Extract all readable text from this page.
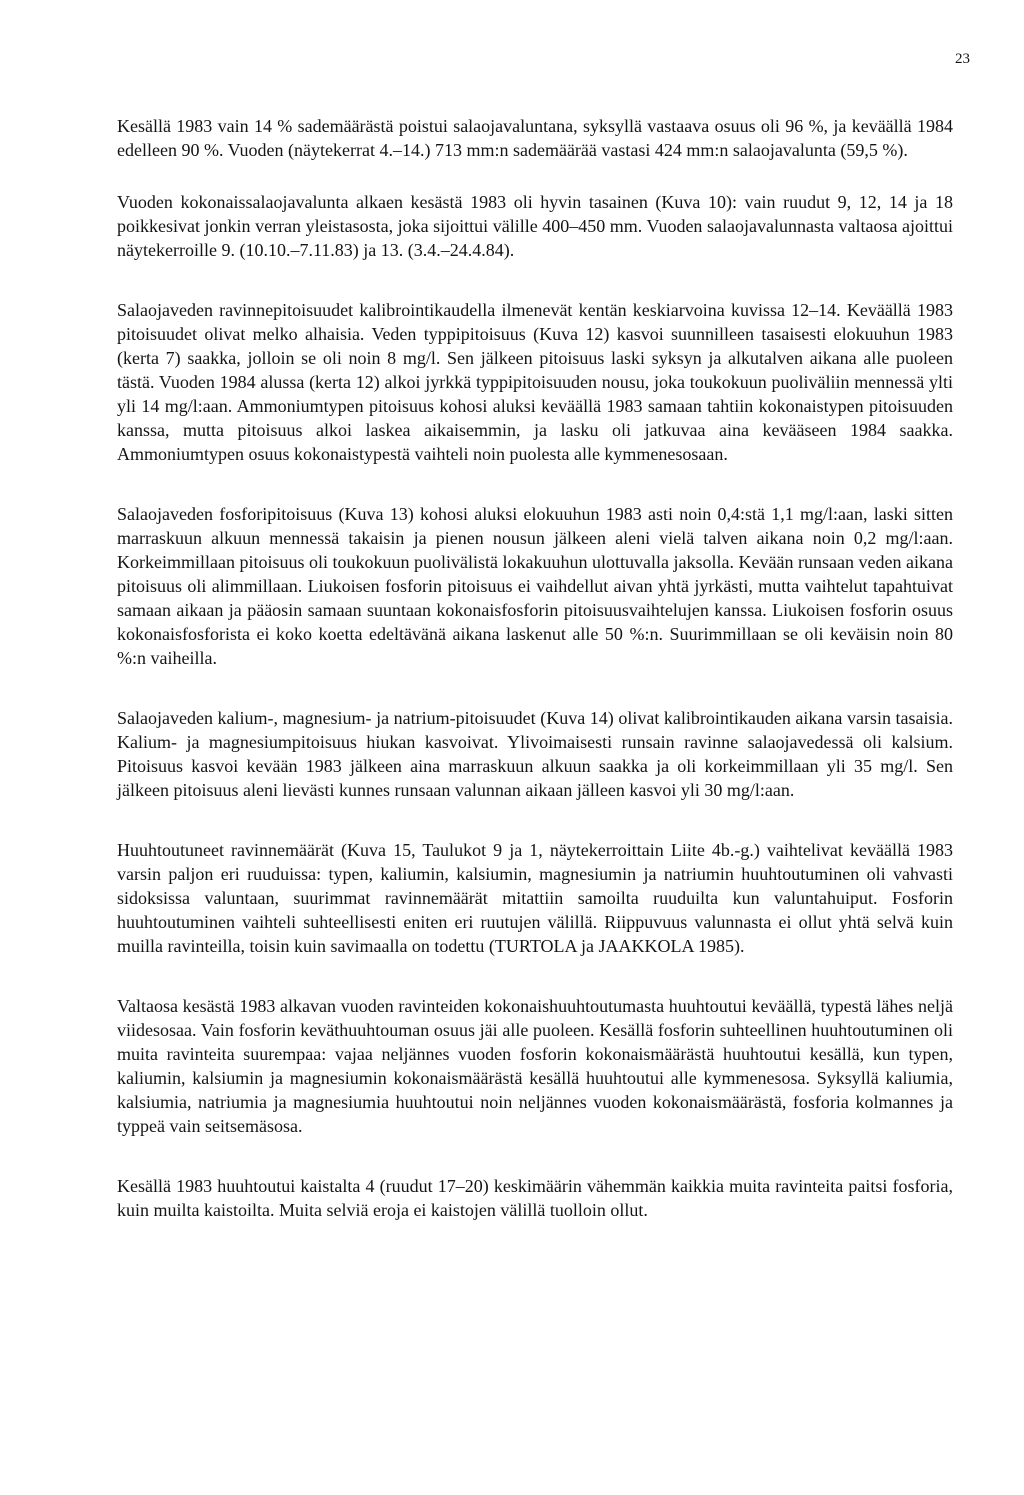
23

Kesällä 1983 vain 14 % sademäärästä poistui salaojavaluntana, syksyllä vastaava osuus oli 96 %, ja keväällä 1984 edelleen 90 %. Vuoden (näytekerrat 4.–14.) 713 mm:n sademäärää vastasi 424 mm:n salaojavalunta (59,5 %).

Vuoden kokonaissalaojavalunta alkaen kesästä 1983 oli hyvin tasainen (Kuva 10): vain ruudut 9, 12, 14 ja 18 poikkesivat jonkin verran yleistasosta, joka sijoittui välille 400–450 mm. Vuoden salaojavalunnasta valtaosa ajoittui näytekerroille 9. (10.10.–7.11.83) ja 13. (3.4.–24.4.84).

Salaojaveden ravinnepitoisuudet kalibrointikaudella ilmenevät kentän keskiarvoina kuvissa 12–14. Keväällä 1983 pitoisuudet olivat melko alhaisia. Veden typpipitoisuus (Kuva 12) kasvoi suunnilleen tasaisesti elokuuhun 1983 (kerta 7) saakka, jolloin se oli noin 8 mg/l. Sen jälkeen pitoisuus laski syksyn ja alkutalven aikana alle puoleen tästä. Vuoden 1984 alussa (kerta 12) alkoi jyrkkä typpipitoisuuden nousu, joka toukokuun puoliväliin mennessä ylti yli 14 mg/l:aan. Ammoniumtypen pitoisuus kohosi aluksi keväällä 1983 samaan tahtiin kokonaistypen pitoisuuden kanssa, mutta pitoisuus alkoi laskea aikaisemmin, ja lasku oli jatkuvaa aina kevääseen 1984 saakka. Ammoniumtypen osuus kokonaistypestä vaihteli noin puolesta alle kymmenesosaan.

Salaojaveden fosforipitoisuus (Kuva 13) kohosi aluksi elokuuhun 1983 asti noin 0,4:stä 1,1 mg/l:aan, laski sitten marraskuun alkuun mennessä takaisin ja pienen nousun jälkeen aleni vielä talven aikana noin 0,2 mg/l:aan. Korkeimmillaan pitoisuus oli toukokuun puolivälistä lokakuuhun ulottuvalla jaksolla. Kevään runsaan veden aikana pitoisuus oli alimmillaan. Liukoisen fosforin pitoisuus ei vaihdellut aivan yhtä jyrkästi, mutta vaihtelut tapahtuivat samaan aikaan ja pääosin samaan suuntaan kokonaisfosforin pitoisuusvaihtelujen kanssa. Liukoisen fosforin osuus kokonaisfosforista ei koko koetta edeltävänä aikana laskenut alle 50 %:n. Suurimmillaan se oli keväisin noin 80 %:n vaiheilla.

Salaojaveden kalium-, magnesium- ja natrium-pitoisuudet (Kuva 14) olivat kalibrointikauden aikana varsin tasaisia. Kalium- ja magnesiumpitoisuus hiukan kasvoivat. Ylivoimaisesti runsain ravinne salaojavedessä oli kalsium. Pitoisuus kasvoi kevään 1983 jälkeen aina marraskuun alkuun saakka ja oli korkeimmillaan yli 35 mg/l. Sen jälkeen pitoisuus aleni lievästi kunnes runsaan valunnan aikaan jälleen kasvoi yli 30 mg/l:aan.

Huuhtoutuneet ravinnemäärät (Kuva 15, Taulukot 9 ja 1, näytekerroittain Liite 4b.-g.) vaihtelivat keväällä 1983 varsin paljon eri ruuduissa: typen, kaliumin, kalsiumin, magnesiumin ja natriumin huuhtoutuminen oli vahvasti sidoksissa valuntaan, suurimmat ravinnemäärät mitattiin samoilta ruuduilta kun valuntahuiput. Fosforin huuhtoutuminen vaihteli suhteellisesti eniten eri ruutujen välillä. Riippuvuus valunnasta ei ollut yhtä selvä kuin muilla ravinteilla, toisin kuin savimaalla on todettu (TURTOLA ja JAAKKOLA 1985).

Valtaosa kesästä 1983 alkavan vuoden ravinteiden kokonaishuuhtoutumasta huuhtoutui keväällä, typestä lähes neljä viidesosaa. Vain fosforin keväthuuhtouman osuus jäi alle puoleen. Kesällä fosforin suhteellinen huuhtoutuminen oli muita ravinteita suurempaa: vajaa neljännes vuoden fosforin kokonaismäärästä huuhtoutui kesällä, kun typen, kaliumin, kalsiumin ja magnesiumin kokonaismäärästä kesällä huuhtoutui alle kymmenesosa. Syksyllä kaliumia, kalsiumia, natriumia ja magnesiumia huuhtoutui noin neljännes vuoden kokonaismäärästä, fosforia kolmannes ja typpeä vain seitsemäsosa.

Kesällä 1983 huuhtoutui kaistalta 4 (ruudut 17–20) keskimäärin vähemmän kaikkia muita ravinteita paitsi fosforia, kuin muilta kaistoilta. Muita selviä eroja ei kaistojen välillä tuolloin ollut.
